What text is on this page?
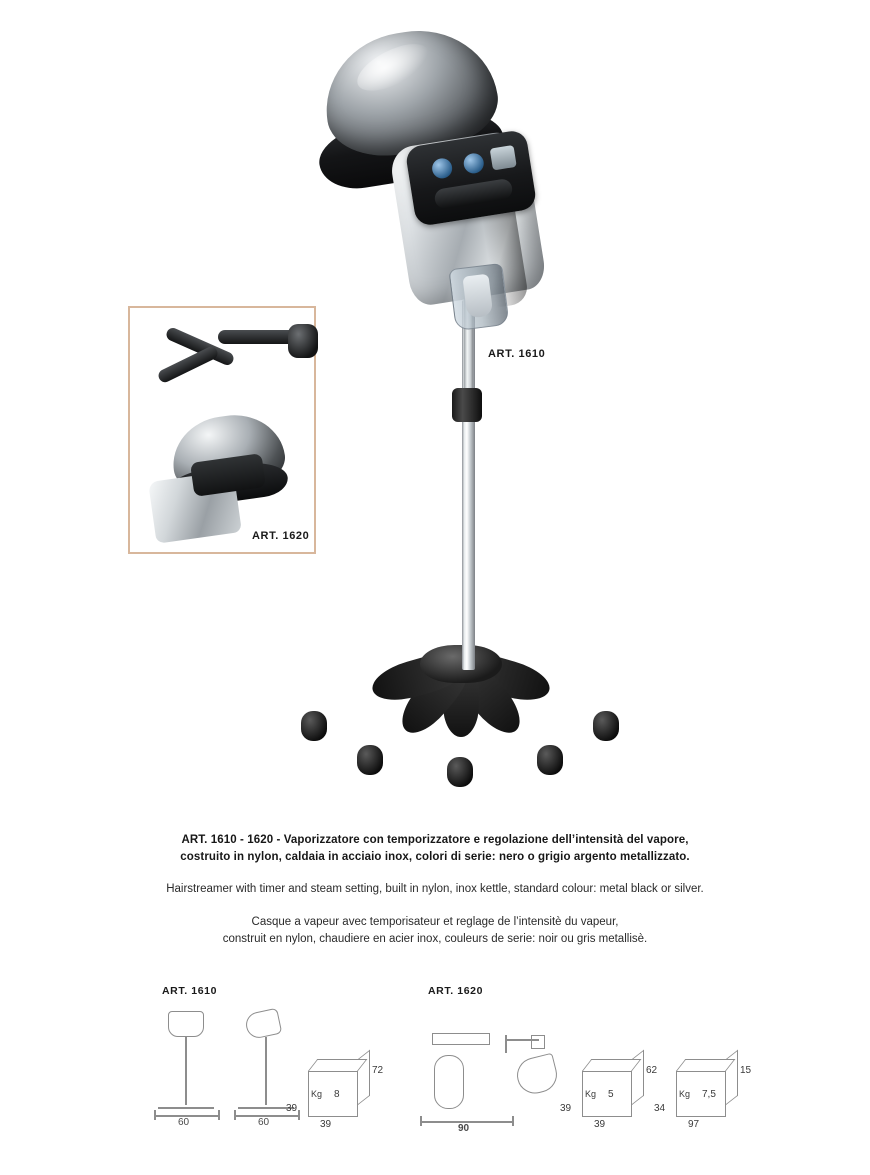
ART. 1610
ART. 1620

ART. 1610 - 1620 - Vaporizzatore con temporizzatore e regolazione dell’intensità del vapore,

costruito in nylon, caldaia in acciaio inox, colori di serie: nero o grigio argento metallizzato.

Hairstreamer with timer and steam setting, built in nylon, inox kettle, standard colour: metal black or silver.

Casque a vapeur avec temporisateur et reglage de l’intensitè du vapeur,

construit en nylon, chaudiere en acier inox, couleurs de serie: noir ou gris metallisè.

ART. 1610	ART. 1620
60	60
Kg 8
72
39
39	90
Kg 5
62
39
39
Kg 7,5
15
34
97
